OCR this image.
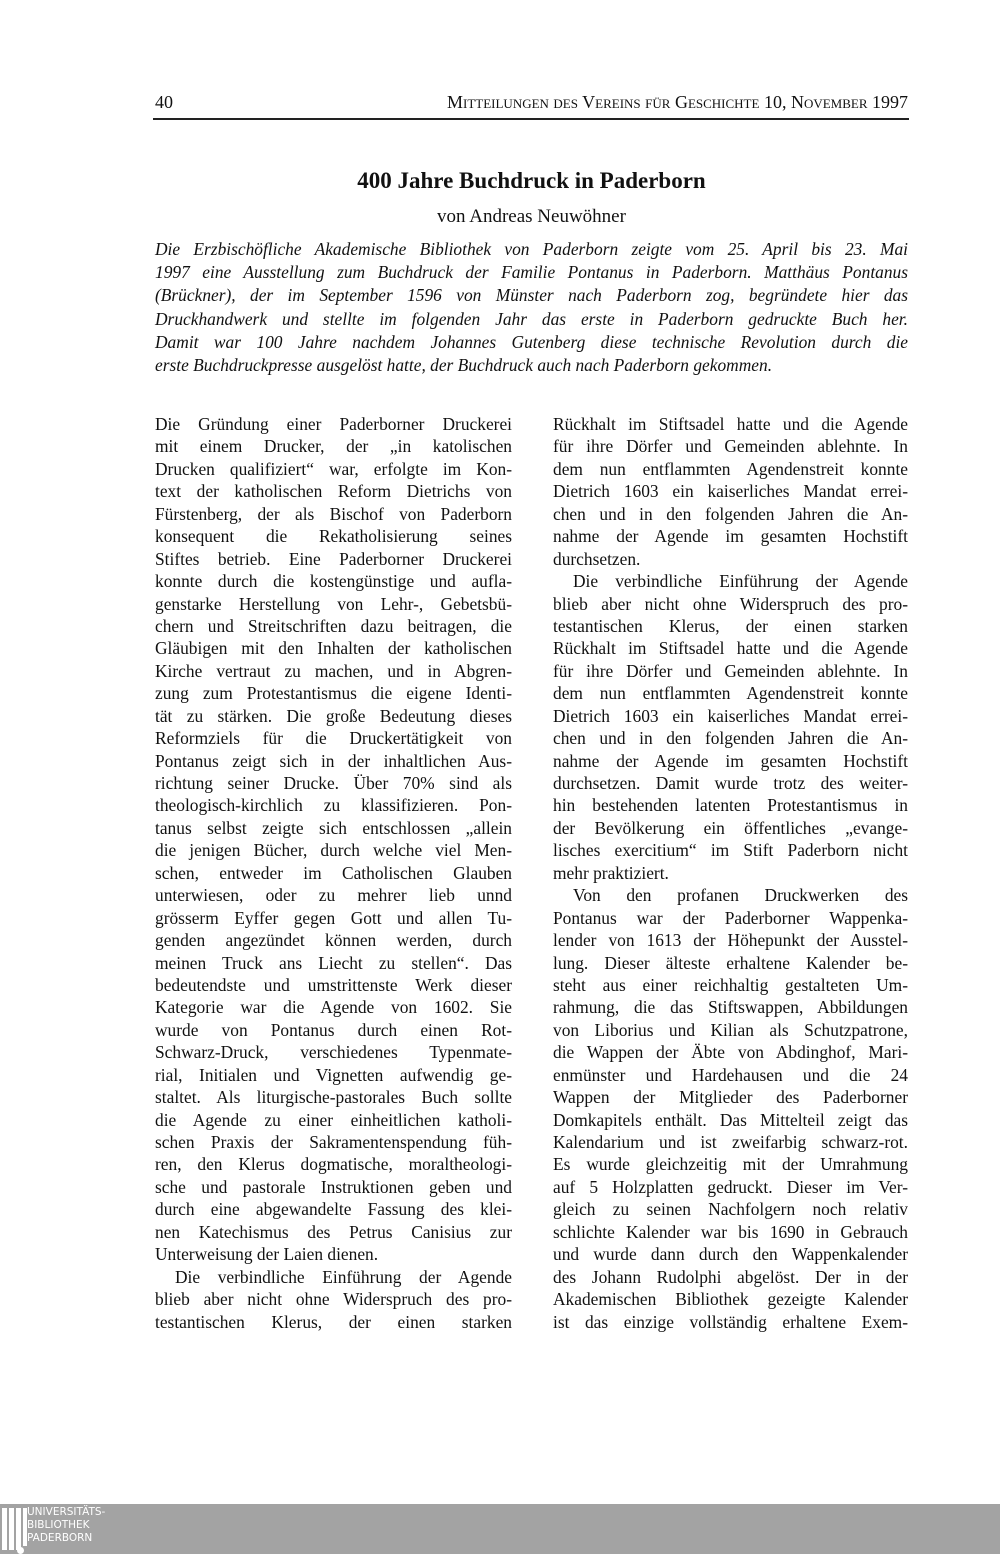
40	Mitteilungen des Vereins für Geschichte 10, November 1997
400 Jahre Buchdruck in Paderborn
von Andreas Neuwöhner
Die Erzbischöfliche Akademische Bibliothek von Paderborn zeigte vom 25. April bis 23. Mai
1997 eine Ausstellung zum Buchdruck der Familie Pontanus in Paderborn. Matthäus Pontanus
(Brückner), der im September 1596 von Münster nach Paderborn zog, begründete hier das
Druckhandwerk und stellte im folgenden Jahr das erste in Paderborn gedruckte Buch her.
Damit war 100 Jahre nachdem Johannes Gutenberg diese technische Revolution durch die
erste Buchdruckpresse ausgelöst hatte, der Buchdruck auch nach Paderborn gekommen.
Die Gründung einer Paderborner Druckerei
mit einem Drucker, der „in katolischen
Drucken qualifiziert“ war, erfolgte im Kon-
text der katholischen Reform Dietrichs von
Fürstenberg, der als Bischof von Paderborn
konsequent die Rekatholisierung seines
Stiftes betrieb. Eine Paderborner Druckerei
konnte durch die kostengünstige und aufla-
genstarke Herstellung von Lehr-, Gebetsbü-
chern und Streitschriften dazu beitragen, die
Gläubigen mit den Inhalten der katholischen
Kirche vertraut zu machen, und in Abgren-
zung zum Protestantismus die eigene Identi-
tät zu stärken. Die große Bedeutung dieses
Reformziels für die Druckertätigkeit von
Pontanus zeigt sich in der inhaltlichen Aus-
richtung seiner Drucke. Über 70% sind als
theologisch-kirchlich zu klassifizieren. Pon-
tanus selbst zeigte sich entschlossen „allein
die jenigen Bücher, durch welche viel Men-
schen, entweder im Catholischen Glauben
unterwiesen, oder zu mehrer lieb unnd
grösserm Eyffer gegen Gott und allen Tu-
genden angezündet können werden, durch
meinen Truck ans Liecht zu stellen“. Das
bedeutendste und umstrittenste Werk dieser
Kategorie war die Agende von 1602. Sie
wurde von Pontanus durch einen Rot-
Schwarz-Druck, verschiedenes Typenmate-
rial, Initialen und Vignetten aufwendig ge-
staltet. Als liturgische-pastorales Buch sollte
die Agende zu einer einheitlichen katholi-
schen Praxis der Sakramentenspendung füh-
ren, den Klerus dogmatische, moraltheologi-
sche und pastorale Instruktionen geben und
durch eine abgewandelte Fassung des klei-
nen Katechismus des Petrus Canisius zur
Unterweisung der Laien dienen.
Die verbindliche Einführung der Agende
blieb aber nicht ohne Widerspruch des pro-
testantischen Klerus, der einen starken
Rückhalt im Stiftsadel hatte und die Agende
für ihre Dörfer und Gemeinden ablehnte. In
dem nun entflammten Agendenstreit konnte
Dietrich 1603 ein kaiserliches Mandat errei-
chen und in den folgenden Jahren die An-
nahme der Agende im gesamten Hochstift
durchsetzen.
Die verbindliche Einführung der Agende
blieb aber nicht ohne Widerspruch des pro-
testantischen Klerus, der einen starken
Rückhalt im Stiftsadel hatte und die Agende
für ihre Dörfer und Gemeinden ablehnte. In
dem nun entflammten Agendenstreit konnte
Dietrich 1603 ein kaiserliches Mandat errei-
chen und in den folgenden Jahren die An-
nahme der Agende im gesamten Hochstift
durchsetzen. Damit wurde trotz des weiter-
hin bestehenden latenten Protestantismus in
der Bevölkerung ein öffentliches „evange-
lisches exercitium“ im Stift Paderborn nicht
mehr praktiziert.
Von den profanen Druckwerken des
Pontanus war der Paderborner Wappenka-
lender von 1613 der Höhepunkt der Ausstel-
lung. Dieser älteste erhaltene Kalender be-
steht aus einer reichhaltig gestalteten Um-
rahmung, die das Stiftswappen, Abbildungen
von Liborius und Kilian als Schutzpatrone,
die Wappen der Äbte von Abdinghof, Mari-
enmünster und Hardehausen und die 24
Wappen der Mitglieder des Paderborner
Domkapitels enthält. Das Mittelteil zeigt das
Kalendarium und ist zweifarbig schwarz-rot.
Es wurde gleichzeitig mit der Umrahmung
auf 5 Holzplatten gedruckt. Dieser im Ver-
gleich zu seinen Nachfolgern noch relativ
schlichte Kalender war bis 1690 in Gebrauch
und wurde dann durch den Wappenkalender
des Johann Rudolphi abgelöst. Der in der
Akademischen Bibliothek gezeigte Kalender
ist das einzige vollständig erhaltene Exem-
UNIVERSITÄTS-
BIBLIOTHEK
PADERBORN
